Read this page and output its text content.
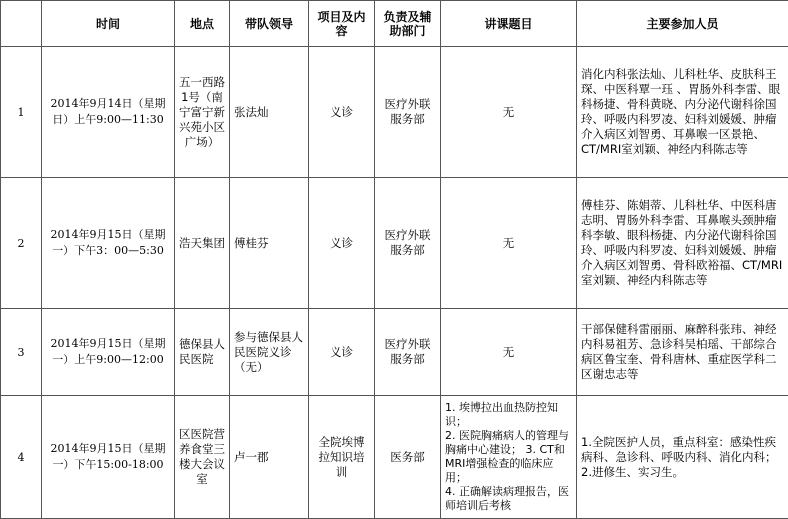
	时间	地点	带队领导	项目及内容	负责及辅助部门	讲课题目	主要参加人员
1	2014年9月14日（星期日）上午9:00—11:30	五一西路1号（南宁富宁新兴苑小区广场）	张法灿	义诊	医疗外联服务部	无	消化内科张法灿、儿科杜华、皮肤科王琛、中医科覃一珏 、胃肠外科李雷、眼科杨捷、骨科黄晓、内分泌代谢科徐国玲、呼吸内科罗凌、妇科刘媛媛、肿瘤介入病区刘智勇、耳鼻喉一区景艳、CT/MRI室刘颖、神经内科陈志等
2	2014年9月15日（星期一）下午3：00—5:30	浩天集团	傅桂芬	义诊	医疗外联服务部	无	傅桂芬、陈娟蒂、儿科杜华、中医科唐志明、胃肠外科李雷、耳鼻喉头颈肿瘤科李敏、眼科杨捷、内分泌代谢科徐国玲、呼吸内科罗凌、妇科刘媛媛、肿瘤介入病区刘智勇、骨科欧裕福、CT/MRI室刘颖、神经内科陈志等
3	2014年9月15日（星期一）上午9:00—12:00	德保县人民医院	参与德保县人民医院义诊（无）	义诊	医疗外联服务部	无	干部保健科雷丽丽、麻醉科张玮、神经内科易祖芳、急诊科吴柏瑶、干部综合病区鲁宝奎、骨科唐林、重症医学科二区谢忠志等
4	2014年9月15日（星期一）下午15:00-18:00	区医院营养食堂三楼大会议室	卢一郡	全院埃博拉知识培训	医务部	1. 埃博拉出血热防控知识；
2. 医院胸痛病人的管理与胸痛中心建设； 3. CT和MRI增强检查的临床应用；
4. 正确解读病理报告，医师培训后考核	1.全院医护人员，重点科室：感染性疾病科、急诊科、呼吸内科、消化内科；
2.进修生、实习生。
